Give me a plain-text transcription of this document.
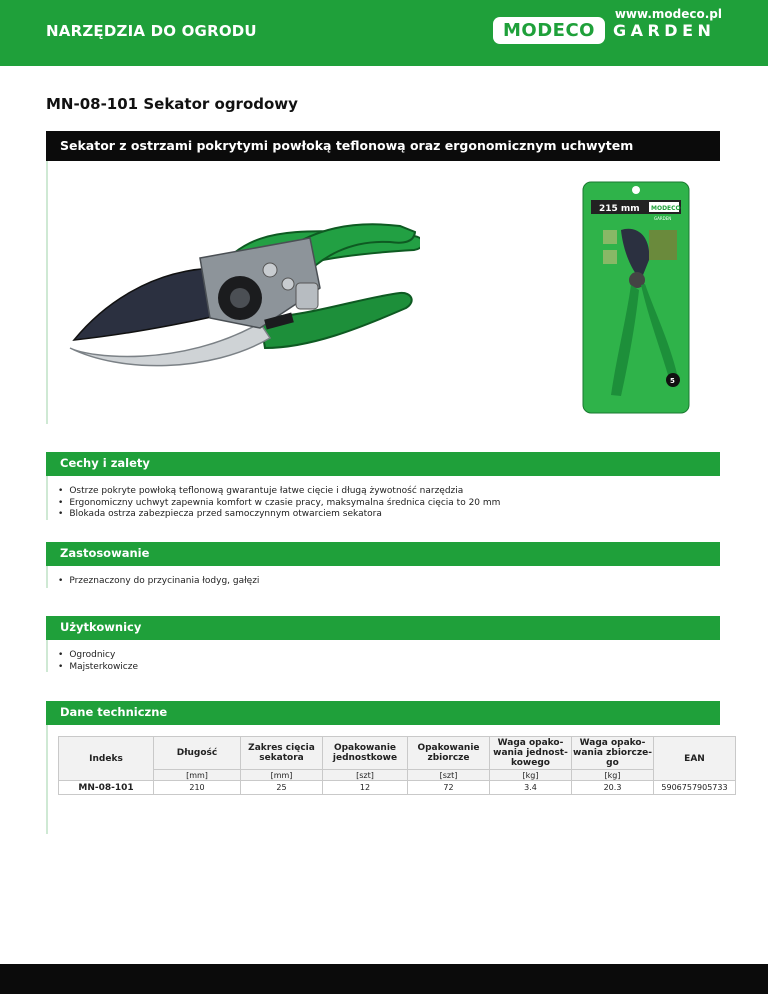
NARZĘDZIA DO OGRODU	MODECO	GARDEN
MN-08-101 Sekator ogrodowy
Sekator z ostrzami pokrytymi powłoką teflonową oraz ergonomicznym uchwytem
215 mm MODECO
GARDEN
5
Cechy i zalety
• Ostrze pokryte powłoką teflonową gwarantuje łatwe cięcie i długą żywotność narzędzia
• Ergonomiczny uchwyt zapewnia komfort w czasie pracy, maksymalna średnica cięcia to 20 mm
• Blokada ostrza zabezpiecza przed samoczynnym otwarciem sekatora
Zastosowanie
• Przeznaczony do przycinania łodyg, gałęzi
Użytkownicy
• Ogrodnicy
• Majsterkowicze
Dane techniczne
Indeks	Długość	Zakres cięcia sekatora	Opakowanie jednostkowe	Opakowanie zbiorcze	Waga opako- wania jednost- kowego	Waga opako- wania zbiorcze- go	EAN
	[mm]	[mm]	[szt]	[szt]	[kg]	[kg]	
MN-08-101	210	25	12	72	3.4	20.3	5906757905733
www.modeco.pl
